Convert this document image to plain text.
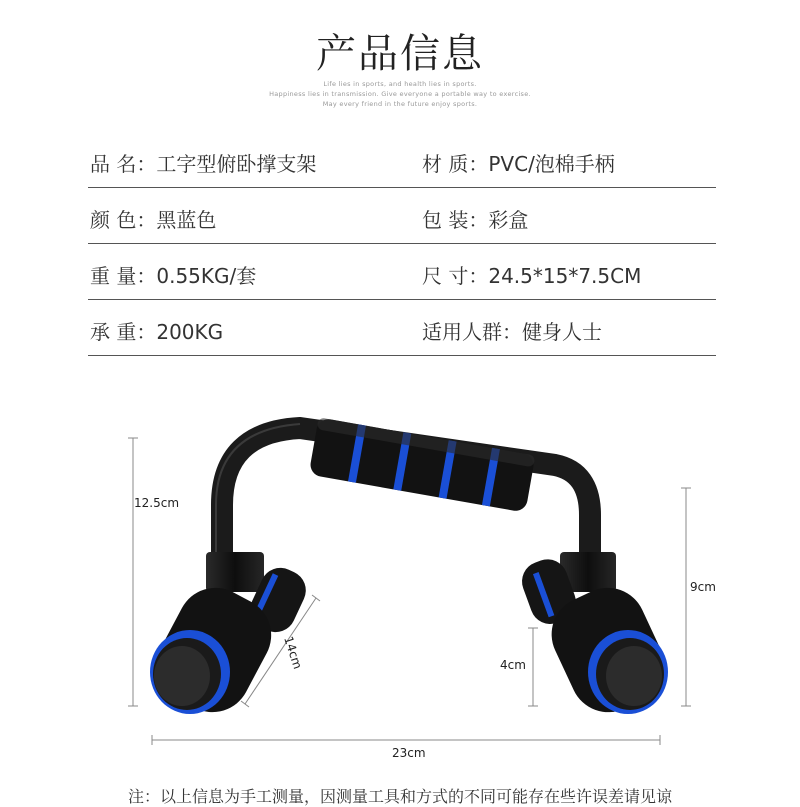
产品信息
Life lies in sports, and health lies in sports.
Happiness lies in transmission. Give everyone a portable way to exercise.
May every friend in the future enjoy sports.
品 名：工字型俯卧撑支架	材 质：PVC/泡棉手柄
颜 色：黑蓝色	包 装：彩盒
重 量：0.55KG/套	尺 寸：24.5*15*7.5CM
承 重：200KG	适用人群：健身人士
12.5cm
9cm
4cm
23cm
14cm
注：以上信息为手工测量，因测量工具和方式的不同可能存在些许误差请见谅
